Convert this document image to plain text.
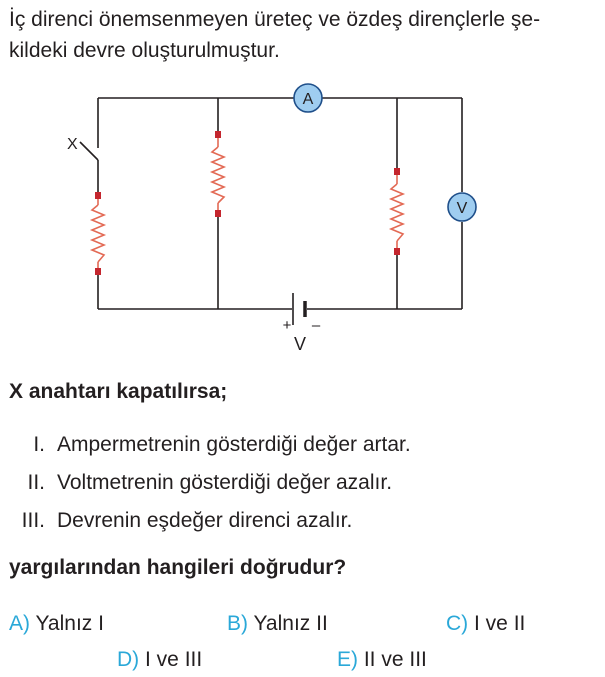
İç direnci önemsenmeyen üreteç ve özdeş dirençlerle şe-
kildeki devre oluşturulmuştur.

X
A
V
+ –
V

X anahtarı kapatılırsa;

I. Ampermetrenin gösterdiği değer artar.
II. Voltmetrenin gösterdiği değer azalır.
III. Devrenin eşdeğer direnci azalır.

yargılarından hangileri doğrudur?

A) Yalnız I	B) Yalnız II	C) I ve II
D) I ve III	E) II ve III
